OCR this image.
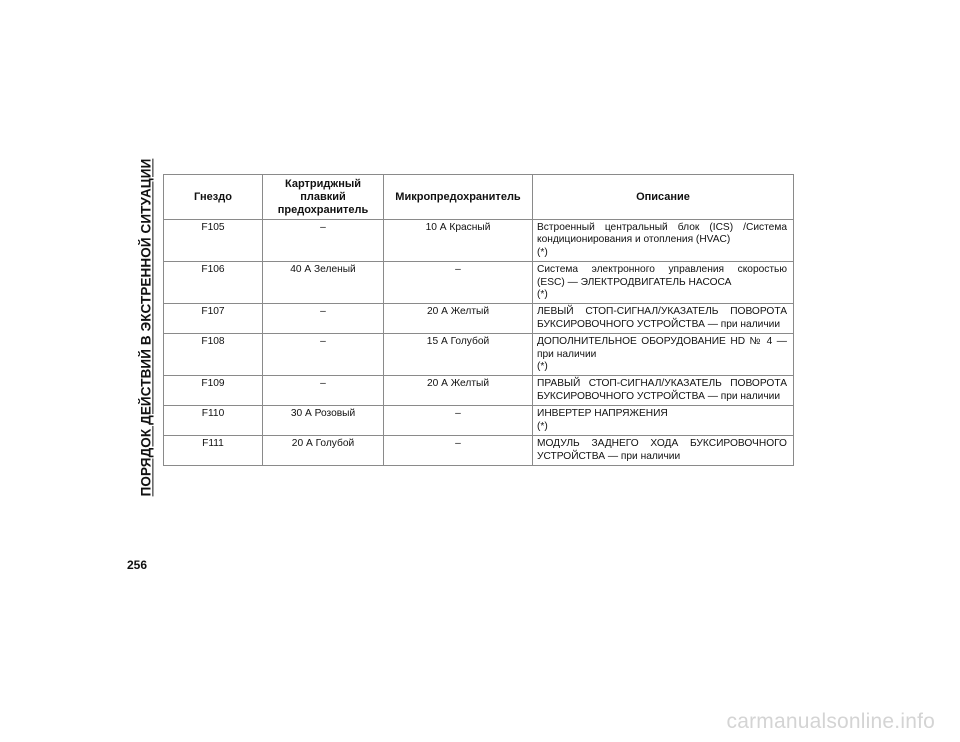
ПОРЯДОК ДЕЙСТВИЙ В ЭКСТРЕННОЙ СИТУАЦИИ	Гнездо	Картриджный
плавкий
предохранитель	Микропредохранитель	Описание
F105	–	10 А Красный	Встроенный центральный блок (ICS) /Система
кондиционирования и отопления (HVAC)
(*)

F106	40 А Зеленый	–	Система электронного управления скоростью
(ESC) — ЭЛЕКТРОДВИГАТЕЛЬ НАСОСА
(*)

F107	–	20 А Желтый	ЛЕВЫЙ СТОП-СИГНАЛ/УКАЗАТЕЛЬ ПОВОРОТА
БУКСИРОВОЧНОГО УСТРОЙСТВА — при наличии

F108	–	15 А Голубой	ДОПОЛНИТЕЛЬНОЕ ОБОРУДОВАНИЕ HD № 4 —
при наличии
(*)

F109	–	20 А Желтый	ПРАВЫЙ СТОП-СИГНАЛ/УКАЗАТЕЛЬ ПОВОРОТА
БУКСИРОВОЧНОГО УСТРОЙСТВА — при наличии

F110	30 А Розовый	–	ИНВЕРТЕР НАПРЯЖЕНИЯ
(*)

F111	20 А Голубой	–	МОДУЛЬ ЗАДНЕГО ХОДА БУКСИРОВОЧНОГО
УСТРОЙСТВА — при наличии
256
carmanualsonline.info
